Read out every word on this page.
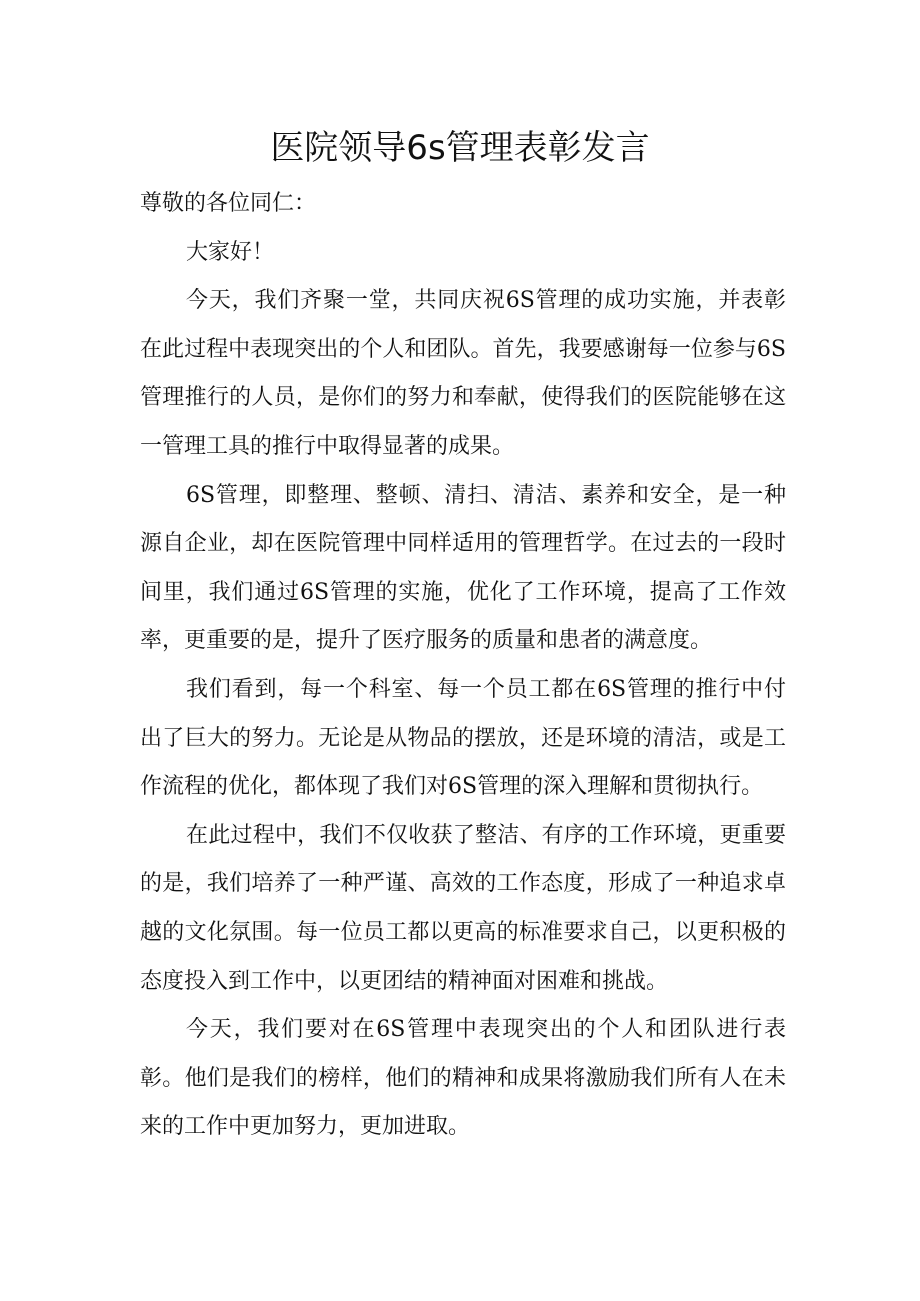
医院领导6s管理表彰发言

尊敬的各位同仁：

大家好！

今天，我们齐聚一堂，共同庆祝6S管理的成功实施，并表彰在此过程中表现突出的个人和团队。首先，我要感谢每一位参与6S管理推行的人员，是你们的努力和奉献，使得我们的医院能够在这一管理工具的推行中取得显著的成果。

6S管理，即整理、整顿、清扫、清洁、素养和安全，是一种源自企业，却在医院管理中同样适用的管理哲学。在过去的一段时间里，我们通过6S管理的实施，优化了工作环境，提高了工作效率，更重要的是，提升了医疗服务的质量和患者的满意度。

我们看到，每一个科室、每一个员工都在6S管理的推行中付出了巨大的努力。无论是从物品的摆放，还是环境的清洁，或是工作流程的优化，都体现了我们对6S管理的深入理解和贯彻执行。

在此过程中，我们不仅收获了整洁、有序的工作环境，更重要的是，我们培养了一种严谨、高效的工作态度，形成了一种追求卓越的文化氛围。每一位员工都以更高的标准要求自己，以更积极的态度投入到工作中，以更团结的精神面对困难和挑战。

今天，我们要对在6S管理中表现突出的个人和团队进行表彰。他们是我们的榜样，他们的精神和成果将激励我们所有人在未来的工作中更加努力，更加进取。
